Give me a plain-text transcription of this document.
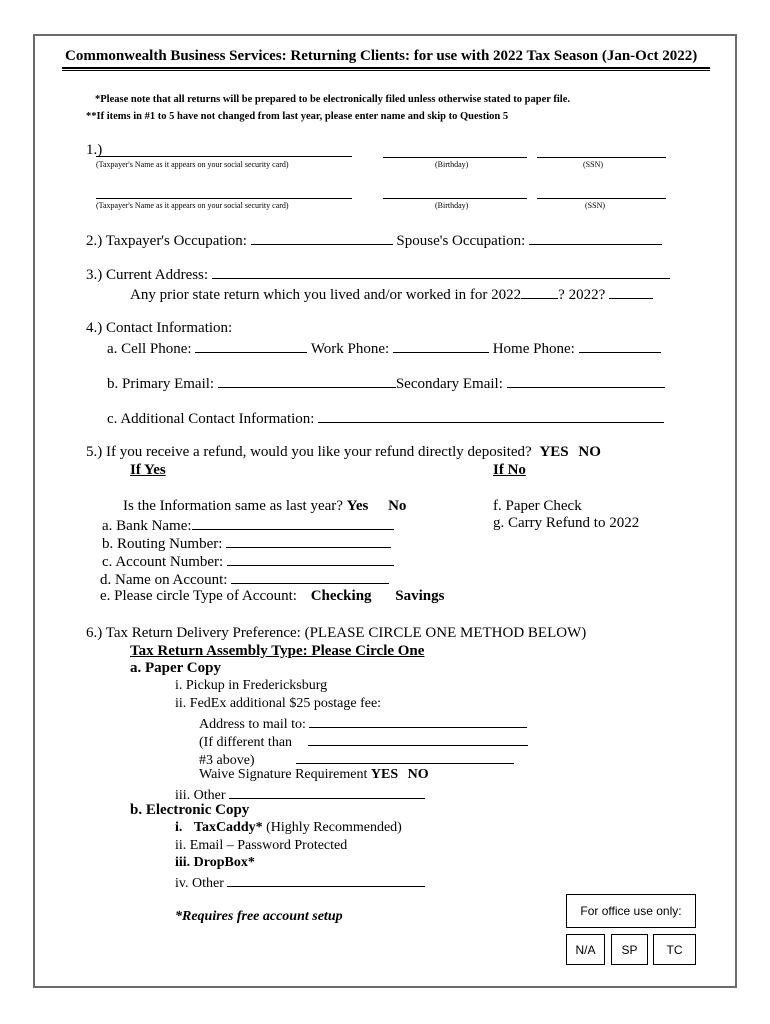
Commonwealth Business Services: Returning Clients: for use with 2022 Tax Season (Jan-Oct 2022)
*Please note that all returns will be prepared to be electronically filed unless otherwise stated to paper file.
**If items in #1 to 5 have not changed from last year, please enter name and skip to Question 5
1.)
(Taxpayer's Name as it appears on your social security card)	(Birthday)	(SSN)
(Taxpayer's Name as it appears on your social security card)	(Birthday)	(SSN)
2.) Taxpayer's Occupation:	Spouse's Occupation:
3.) Current Address:
Any prior state return which you lived and/or worked in for 2022 ? 2022?
4.) Contact Information:
a. Cell Phone:	Work Phone:	Home Phone:
b. Primary Email:	Secondary Email:
c. Additional Contact Information:
5.) If you receive a refund, would you like your refund directly deposited? YES NO
If Yes	If No
Is the Information same as last year? Yes No	f. Paper Check
g. Carry Refund to 2022
a. Bank Name:
b. Routing Number:
c. Account Number:
d. Name on Account:
e. Please circle Type of Account: Checking Savings
6.) Tax Return Delivery Preference: (PLEASE CIRCLE ONE METHOD BELOW)
Tax Return Assembly Type: Please Circle One
a. Paper Copy
i. Pickup in Fredericksburg
ii. FedEx additional $25 postage fee:
Address to mail to:
(If different than
#3 above)
Waive Signature Requirement YES NO
iii. Other
b. Electronic Copy
i. TaxCaddy* (Highly Recommended)
ii. Email – Password Protected
iii. DropBox*
iv. Other
*Requires free account setup	For office use only:
N/A	SP	TC
